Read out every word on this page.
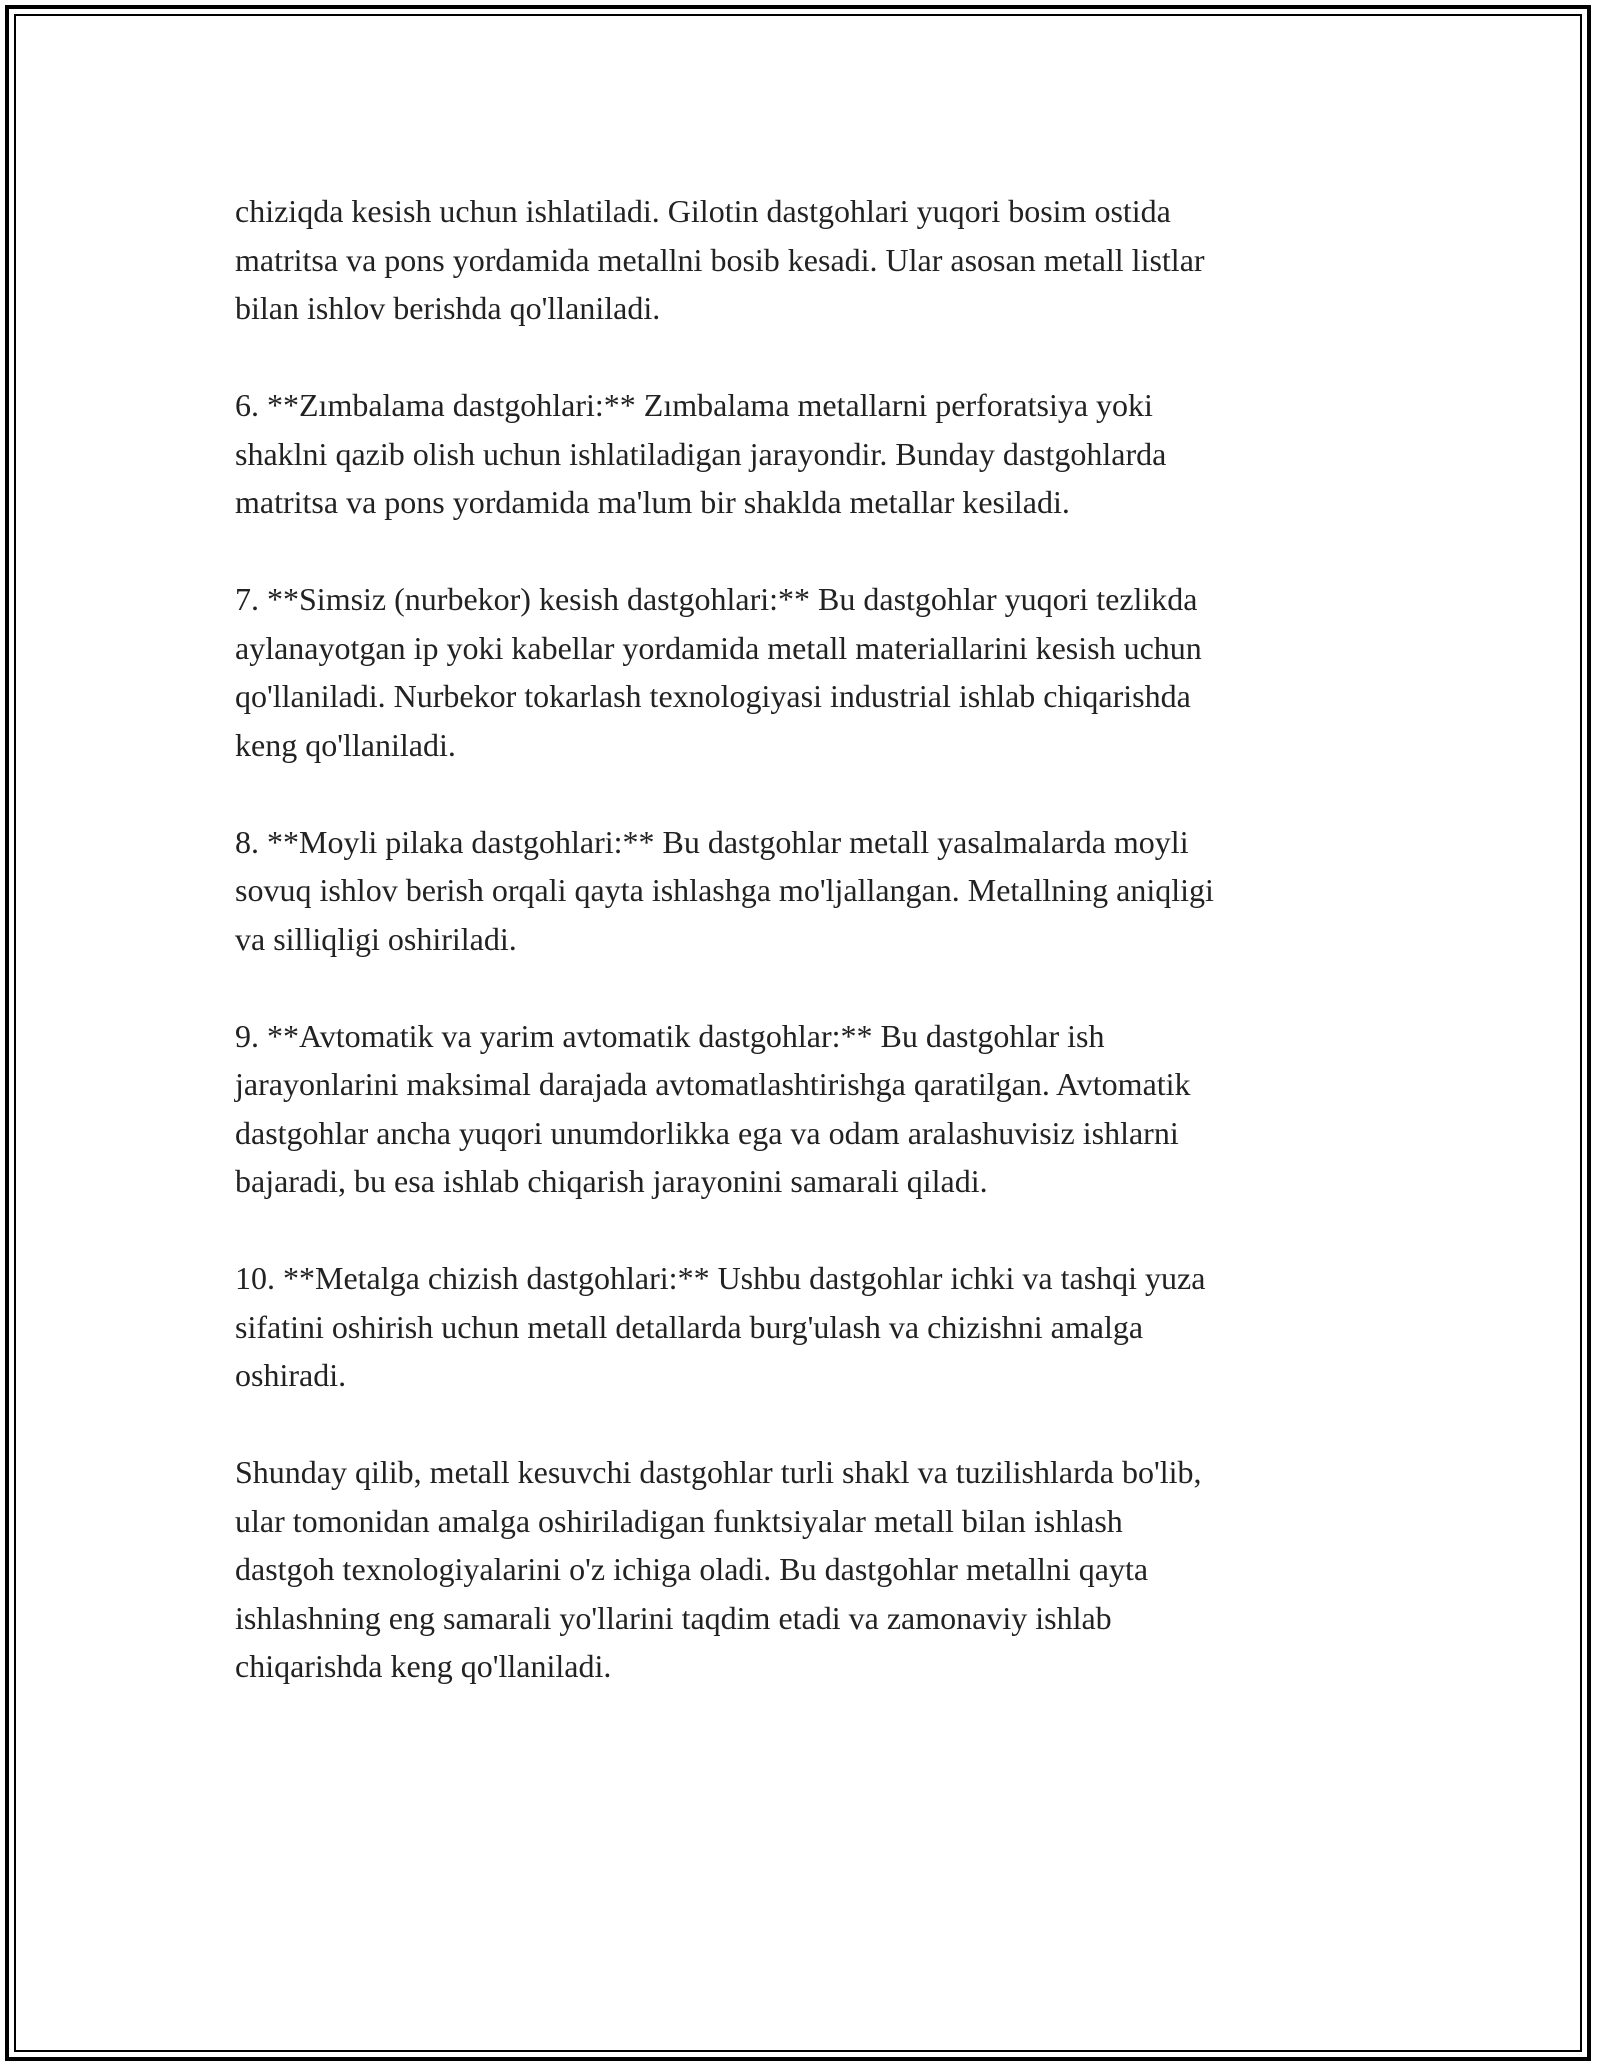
chiziqda kesish uchun ishlatiladi. Gilotin dastgohlari yuqori bosim ostida
matritsa va pons yordamida metallni bosib kesadi. Ular asosan metall listlar
bilan ishlov berishda qo'llaniladi.

6. **Zımbalama dastgohlari:** Zımbalama metallarni perforatsiya yoki
shaklni qazib olish uchun ishlatiladigan jarayondir. Bunday dastgohlarda
matritsa va pons yordamida ma'lum bir shaklda metallar kesiladi.

7. **Simsiz (nurbekor) kesish dastgohlari:** Bu dastgohlar yuqori tezlikda
aylanayotgan ip yoki kabellar yordamida metall materiallarini kesish uchun
qo'llaniladi. Nurbekor tokarlash texnologiyasi industrial ishlab chiqarishda
keng qo'llaniladi.

8. **Moyli pilaka dastgohlari:** Bu dastgohlar metall yasalmalarda moyli
sovuq ishlov berish orqali qayta ishlashga mo'ljallangan. Metallning aniqligi
va silliqligi oshiriladi.

9. **Avtomatik va yarim avtomatik dastgohlar:** Bu dastgohlar ish
jarayonlarini maksimal darajada avtomatlashtirishga qaratilgan. Avtomatik
dastgohlar ancha yuqori unumdorlikka ega va odam aralashuvisiz ishlarni
bajaradi, bu esa ishlab chiqarish jarayonini samarali qiladi.

10. **Metalga chizish dastgohlari:** Ushbu dastgohlar ichki va tashqi yuza
sifatini oshirish uchun metall detallarda burg'ulash va chizishni amalga
oshiradi.

Shunday qilib, metall kesuvchi dastgohlar turli shakl va tuzilishlarda bo'lib,
ular tomonidan amalga oshiriladigan funktsiyalar metall bilan ishlash
dastgoh texnologiyalarini o'z ichiga oladi. Bu dastgohlar metallni qayta
ishlashning eng samarali yo'llarini taqdim etadi va zamonaviy ishlab
chiqarishda keng qo'llaniladi.
